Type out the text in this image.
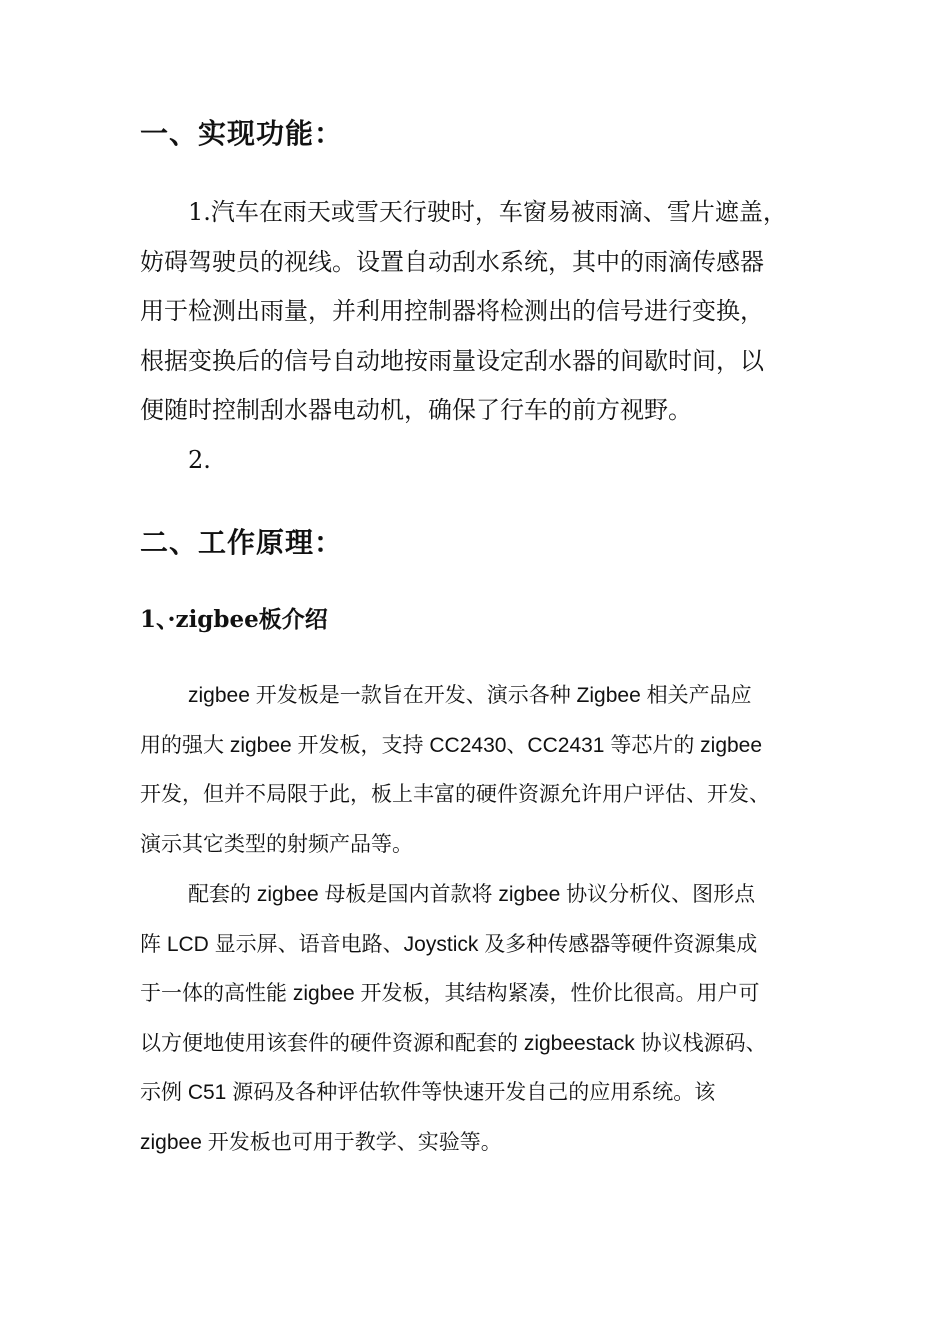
一、实现功能：
1.汽车在雨天或雪天行驶时，车窗易被雨滴、雪片遮盖，
妨碍驾驶员的视线。设置自动刮水系统，其中的雨滴传感器
用于检测出雨量，并利用控制器将检测出的信号进行变换，
根据变换后的信号自动地按雨量设定刮水器的间歇时间，以
便随时控制刮水器电动机，确保了行车的前方视野。
2.
二、工作原理：
1、·zigbee板介绍
zigbee 开发板是一款旨在开发、演示各种 Zigbee 相关产品应
用的强大 zigbee 开发板，支持 CC2430、CC2431 等芯片的 zigbee
开发，但并不局限于此，板上丰富的硬件资源允许用户评估、开发、
演示其它类型的射频产品等。
配套的 zigbee 母板是国内首款将 zigbee 协议分析仪、图形点
阵 LCD 显示屏、语音电路、Joystick 及多种传感器等硬件资源集成
于一体的高性能 zigbee 开发板，其结构紧凑，性价比很高。用户可
以方便地使用该套件的硬件资源和配套的 zigbeestack 协议栈源码、
示例 C51 源码及各种评估软件等快速开发自己的应用系统。该
zigbee 开发板也可用于教学、实验等。
